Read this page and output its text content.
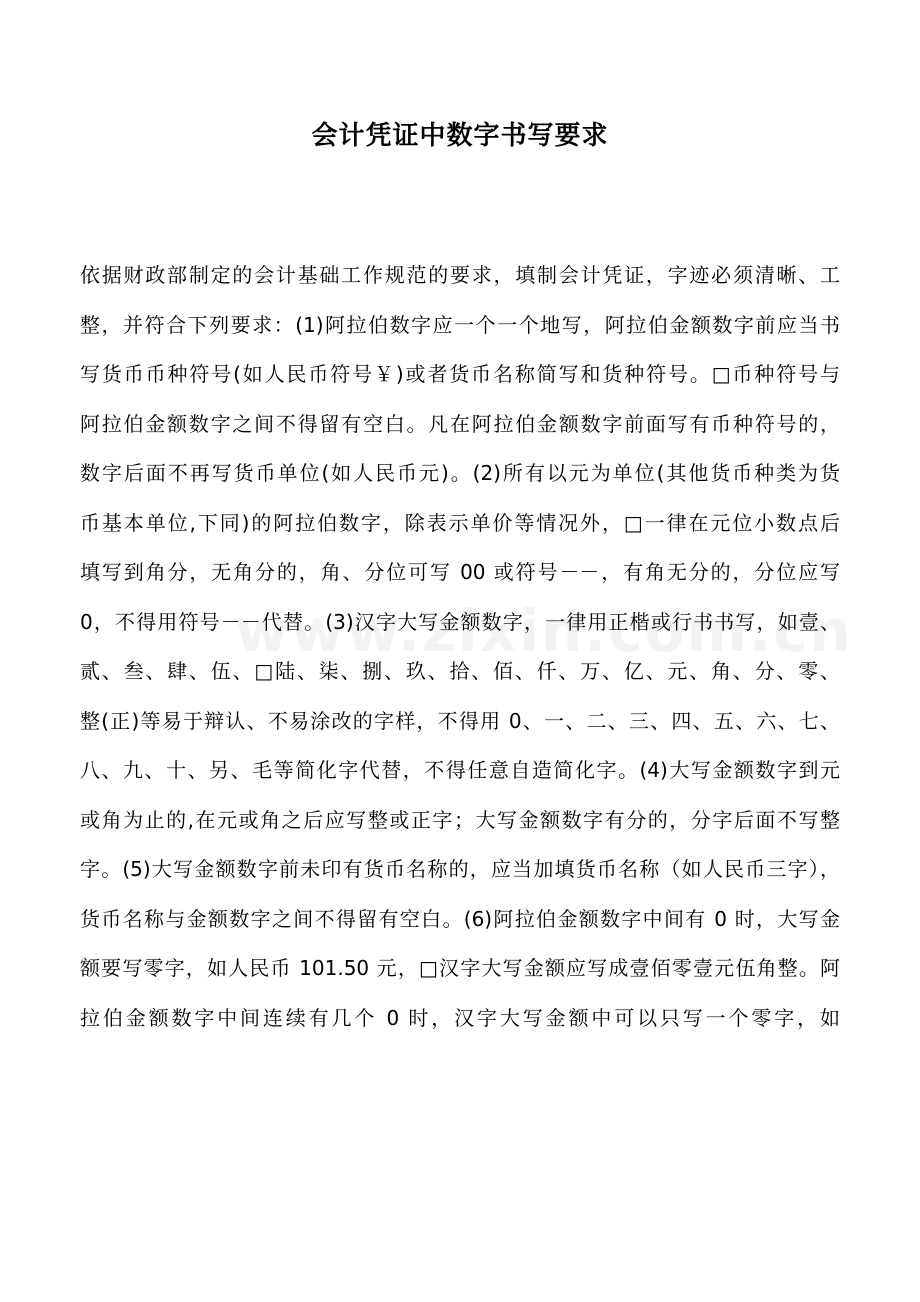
会计凭证中数字书写要求
依据财政部制定的会计基础工作规范的要求，填制会计凭证，字迹必须清晰、工
整，并符合下列要求：(1)阿拉伯数字应一个一个地写，阿拉伯金额数字前应当书
写货币币种符号(如人民币符号￥)或者货币名称简写和货种符号。□币种符号与
阿拉伯金额数字之间不得留有空白。凡在阿拉伯金额数字前面写有币种符号的，
数字后面不再写货币单位(如人民币元)。(2)所有以元为单位(其他货币种类为货
币基本单位,下同)的阿拉伯数字，除表示单价等情况外，□一律在元位小数点后
填写到角分，无角分的，角、分位可写 00 或符号－－，有角无分的，分位应写
0，不得用符号－－代替。(3)汉字大写金额数字，一律用正楷或行书书写，如壹、
贰、叁、肆、伍、□陆、柒、捌、玖、拾、佰、仟、万、亿、元、角、分、零、
整(正)等易于辩认、不易涂改的字样，不得用 0、一、二、三、四、五、六、七、
八、九、十、另、毛等简化字代替，不得任意自造简化字。(4)大写金额数字到元
或角为止的,在元或角之后应写整或正字；大写金额数字有分的，分字后面不写整
字。(5)大写金额数字前未印有货币名称的，应当加填货币名称（如人民币三字），
货币名称与金额数字之间不得留有空白。(6)阿拉伯金额数字中间有 0 时，大写金
额要写零字，如人民币 101.50 元，□汉字大写金额应写成壹佰零壹元伍角整。阿
拉伯金额数字中间连续有几个 0 时，汉字大写金额中可以只写一个零字，如
